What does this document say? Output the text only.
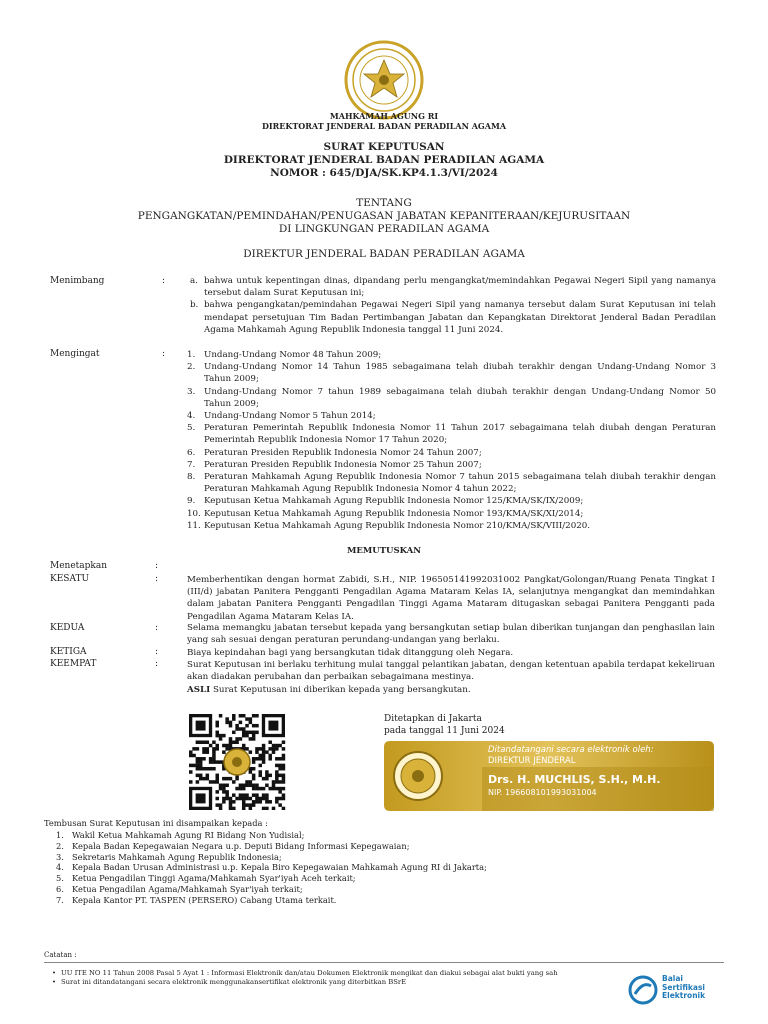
MAHKAMAH AGUNG RI
DIREKTORAT JENDERAL BADAN PERADILAN AGAMA
SURAT KEPUTUSAN
DIREKTORAT JENDERAL BADAN PERADILAN AGAMA
NOMOR : 645/DJA/SK.KP4.1.3/VI/2024
TENTANG
PENGANGKATAN/PEMINDAHAN/PENUGASAN JABATAN KEPANITERAAN/KEJURUSITAAN
DI LINGKUNGAN PERADILAN AGAMA
DIREKTUR JENDERAL BADAN PERADILAN AGAMA
Menimbang	:	a. bahwa untuk kepentingan dinas, dipandang perlu mengangkat/memindahkan Pegawai Negeri Sipil yang namanya tersebut dalam Surat Keputusan ini;
b. bahwa pengangkatan/pemindahan Pegawai Negeri Sipil yang namanya tersebut dalam Surat Keputusan ini telah mendapat persetujuan Tim Badan Pertimbangan Jabatan dan Kepangkatan Direktorat Jenderal Badan Peradilan Agama Mahkamah Agung Republik Indonesia tanggal 11 Juni 2024.
Mengingat	:	1. Undang-Undang Nomor 48 Tahun 2009;
2. Undang-Undang Nomor 14 Tahun 1985 sebagaimana telah diubah terakhir dengan Undang-Undang Nomor 3 Tahun 2009;
3. Undang-Undang Nomor 7 tahun 1989 sebagaimana telah diubah terakhir dengan Undang-Undang Nomor 50 Tahun 2009;
4. Undang-Undang Nomor 5 Tahun 2014;
5. Peraturan Pemerintah Republik Indonesia Nomor 11 Tahun 2017 sebagaimana telah diubah dengan Peraturan Pemerintah Republik Indonesia Nomor 17 Tahun 2020;
6. Peraturan Presiden Republik Indonesia Nomor 24 Tahun 2007;
7. Peraturan Presiden Republik Indonesia Nomor 25 Tahun 2007;
8. Peraturan Mahkamah Agung Republik Indonesia Nomor 7 tahun 2015 sebagaimana telah diubah terakhir dengan Peraturan Mahkamah Agung Republik Indonesia Nomor 4 tahun 2022;
9. Keputusan Ketua Mahkamah Agung Republik Indonesia Nomor 125/KMA/SK/IX/2009;
10. Keputusan Ketua Mahkamah Agung Republik Indonesia Nomor 193/KMA/SK/XI/2014;
11. Keputusan Ketua Mahkamah Agung Republik Indonesia Nomor 210/KMA/SK/VIII/2020.
MEMUTUSKAN
Menetapkan	:
KESATU	:	Memberhentikan dengan hormat Zabidi, S.H., NIP. 196505141992031002 Pangkat/Golongan/Ruang Penata Tingkat I (III/d) jabatan Panitera Pengganti Pengadilan Agama Mataram Kelas IA, selanjutnya mengangkat dan memindahkan dalam jabatan Panitera Pengganti Pengadilan Tinggi Agama Mataram ditugaskan sebagai Panitera Pengganti pada Pengadilan Agama Mataram Kelas IA.
KEDUA	:	Selama memangku jabatan tersebut kepada yang bersangkutan setiap bulan diberikan tunjangan dan penghasilan lain yang sah sesuai dengan peraturan perundang-undangan yang berlaku.
KETIGA	:	Biaya kepindahan bagi yang bersangkutan tidak ditanggung oleh Negara.
KEEMPAT	:	Surat Keputusan ini berlaku terhitung mulai tanggal pelantikan jabatan, dengan ketentuan apabila terdapat kekeliruan akan diadakan perubahan dan perbaikan sebagaimana mestinya.
ASLI Surat Keputusan ini diberikan kepada yang bersangkutan.
Ditetapkan di Jakarta
pada tanggal 11 Juni 2024
Ditandatangani secara elektronik oleh:
DIREKTUR JENDERAL
Drs. H. MUCHLIS, S.H., M.H.
NIP. 196608101993031004
Tembusan Surat Keputusan ini disampaikan kepada :
1. Wakil Ketua Mahkamah Agung RI Bidang Non Yudisial;
2. Kepala Badan Kepegawaian Negara u.p. Deputi Bidang Informasi Kepegawaian;
3. Sekretaris Mahkamah Agung Republik Indonesia;
4. Kepala Badan Urusan Administrasi u.p. Kepala Biro Kepegawaian Mahkamah Agung RI di Jakarta;
5. Ketua Pengadilan Tinggi Agama/Mahkamah Syar'iyah Aceh terkait;
6. Ketua Pengadilan Agama/Mahkamah Syar'iyah terkait;
7. Kepala Kantor PT. TASPEN (PERSERO) Cabang Utama terkait.
Catatan :
• UU ITE NO 11 Tahun 2008 Pasal 5 Ayat 1 : Informasi Elektronik dan/atau Dokumen Elektronik mengikat dan diakui sebagai alat bukti yang sah
• Surat ini ditandatangani secara elektronik menggunakansertifikat elektronik yang diterbitkan BSrE	Balai
Sertifikasi
Elektronik
